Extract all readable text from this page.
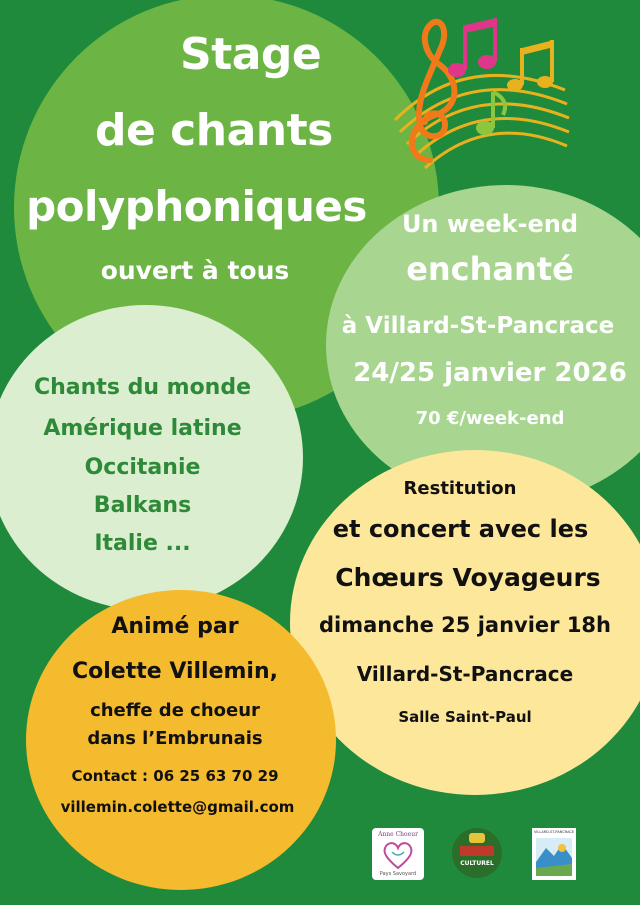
Stage
de chants
polyphoniques
ouvert à tous
Un week-end
enchanté
à Villard-St-Pancrace
24/25 janvier 2026
70 €/week-end
Chants du monde
Amérique latine
Occitanie
Balkans
Italie ...
Restitution
et concert avec les
Chœurs Voyageurs
dimanche 25 janvier 18h
Villard-St-Pancrace
Salle Saint-Paul
Animé par
Colette Villemin,
cheffe de choeur
dans l’Embrunais
Contact : 06 25 63 70 29
villemin.colette@gmail.com
Anne Choeur
Pays Savoyard
CULTUREL
VILLARD-ST-PANCRACE
